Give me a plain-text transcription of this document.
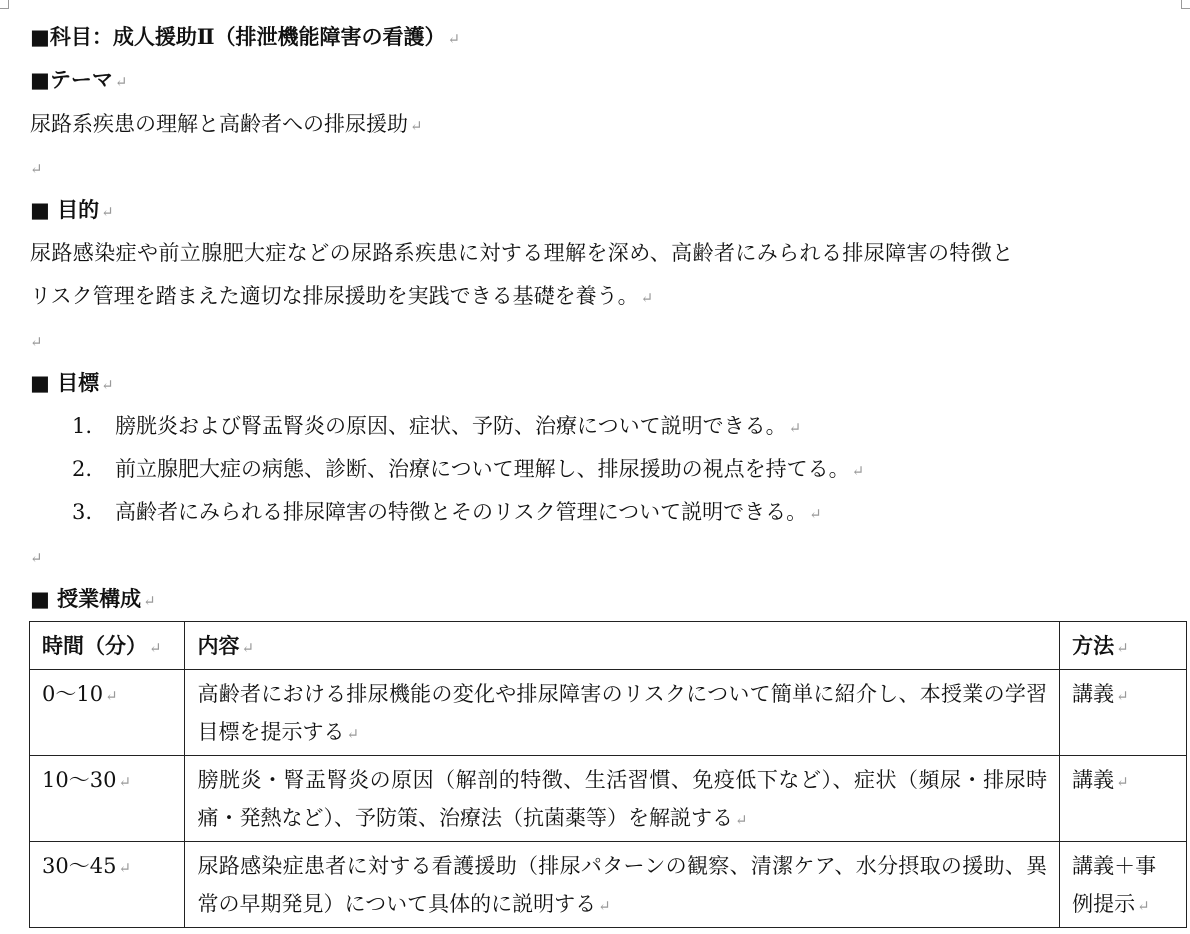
■科目：成人援助Ⅱ（排泄機能障害の看護） ↵
■テーマ ↵
尿路系疾患の理解と高齢者への排尿援助 ↵
↵
■ 目的 ↵
尿路感染症や前立腺肥大症などの尿路系疾患に対する理解を深め、高齢者にみられる排尿障害の特徴と
リスク管理を踏まえた適切な排尿援助を実践できる基礎を養う。 ↵
↵
■ 目標 ↵
1. 膀胱炎および腎盂腎炎の原因、症状、予防、治療について説明できる。 ↵
2. 前立腺肥大症の病態、診断、治療について理解し、排尿援助の視点を持てる。 ↵
3. 高齢者にみられる排尿障害の特徴とそのリスク管理について説明できる。 ↵
↵
■ 授業構成 ↵
時間（分） ↵	内容 ↵	方法 ↵
0〜10 ↵	高齢者における排尿機能の変化や排尿障害のリスクについて簡単に紹介し、本授業の学習目標を提示する ↵	講義 ↵
10〜30 ↵	膀胱炎・腎盂腎炎の原因（解剖的特徴、生活習慣、免疫低下など）、症状（頻尿・排尿時痛・発熱など）、予防策、治療法（抗菌薬等）を解説する ↵	講義 ↵
30〜45 ↵	尿路感染症患者に対する看護援助（排尿パターンの観察、清潔ケア、水分摂取の援助、異常の早期発見）について具体的に説明する ↵	講義＋事例提示 ↵
